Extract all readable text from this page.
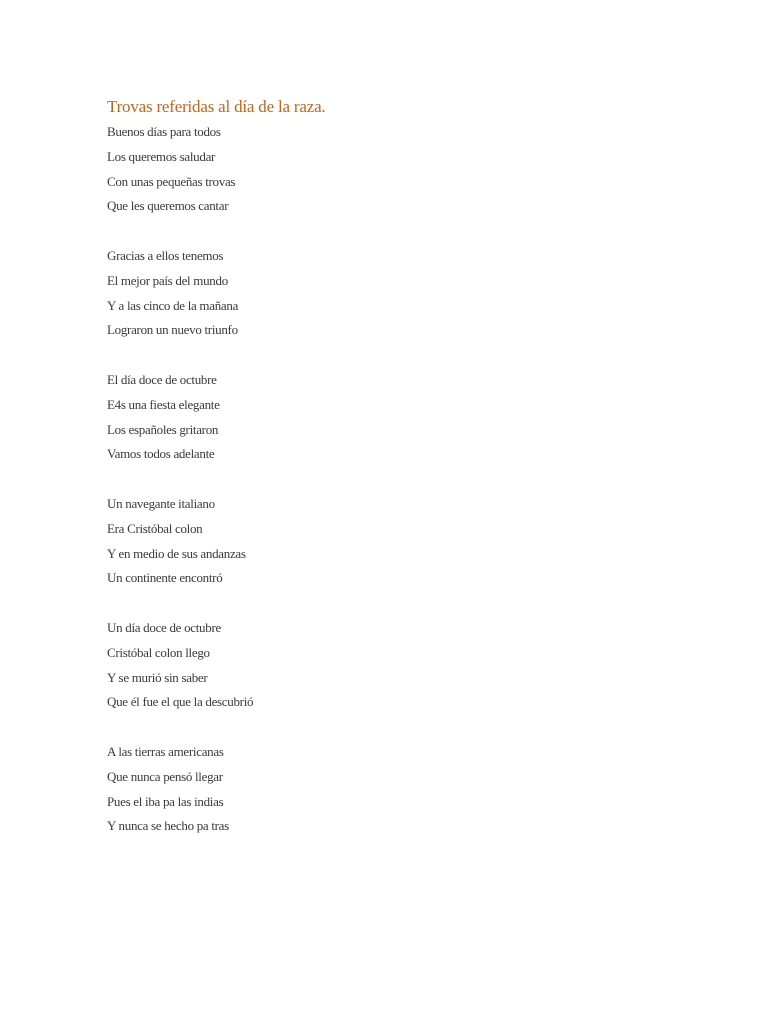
Trovas referidas al día de la raza.
Buenos días para todos
Los queremos saludar
Con unas pequeñas trovas
Que les queremos cantar
Gracias a ellos tenemos
El mejor país del mundo
Y a las cinco de la mañana
Lograron un nuevo triunfo
El día doce de octubre
E4s una fiesta elegante
Los españoles gritaron
Vamos todos adelante
Un navegante italiano
Era Cristóbal colon
Y en medio de sus andanzas
Un continente encontró
Un día doce de octubre
Cristóbal colon llego
Y se murió sin saber
Que él fue el que la descubrió
A las tierras americanas
Que nunca pensó llegar
Pues el iba pa las indias
Y nunca se hecho pa tras
